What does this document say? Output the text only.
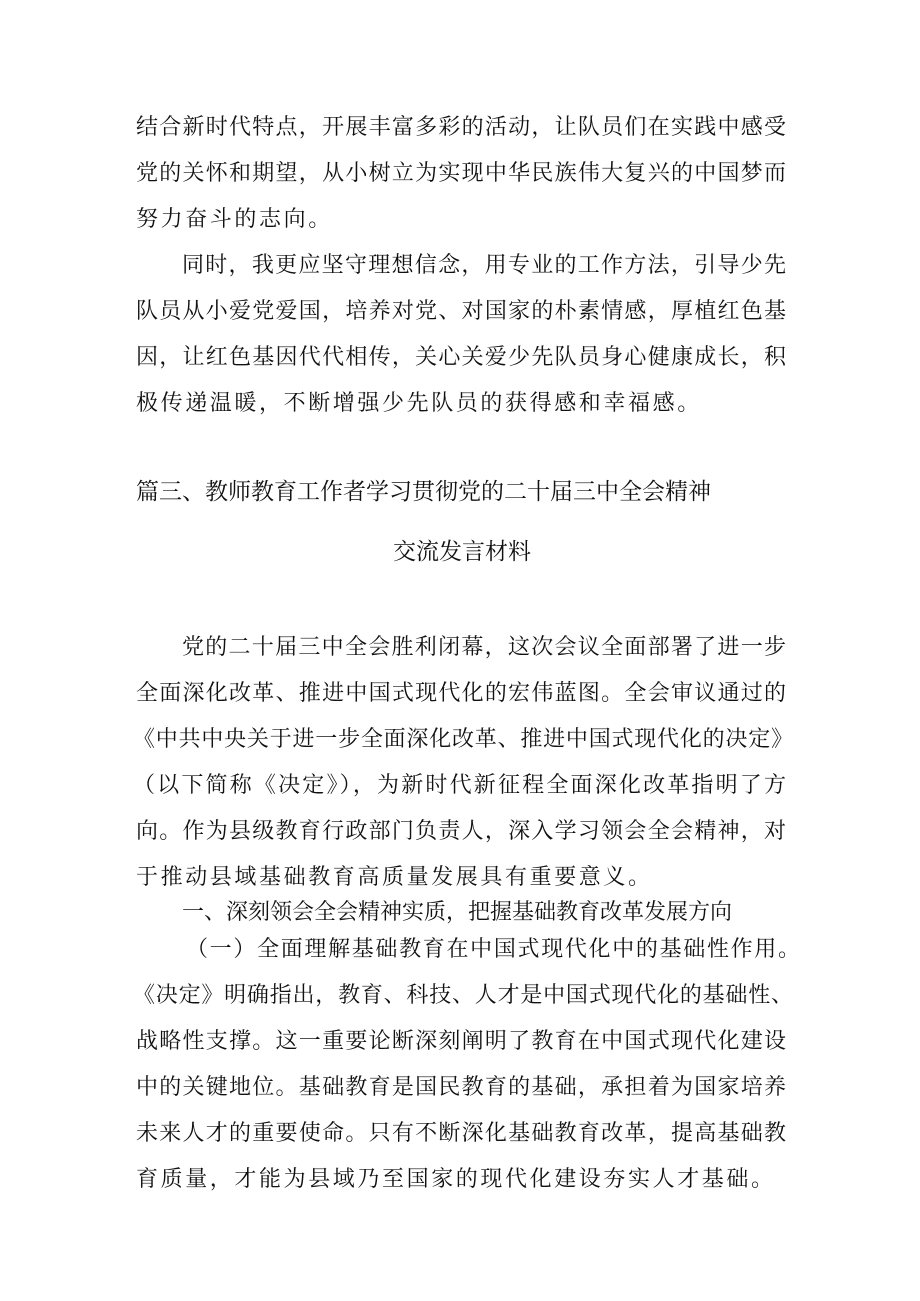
结合新时代特点，开展丰富多彩的活动，让队员们在实践中感受
党的关怀和期望，从小树立为实现中华民族伟大复兴的中国梦而
努力奋斗的志向。
同时，我更应坚守理想信念，用专业的工作方法，引导少先
队员从小爱党爱国，培养对党、对国家的朴素情感，厚植红色基
因，让红色基因代代相传，关心关爱少先队员身心健康成长，积
极传递温暖，不断增强少先队员的获得感和幸福感。
篇三、教师教育工作者学习贯彻党的二十届三中全会精神
交流发言材料
党的二十届三中全会胜利闭幕，这次会议全面部署了进一步
全面深化改革、推进中国式现代化的宏伟蓝图。全会审议通过的
《中共中央关于进一步全面深化改革、推进中国式现代化的决定》
（以下简称《决定》），为新时代新征程全面深化改革指明了方
向。作为县级教育行政部门负责人，深入学习领会全会精神，对
于推动县域基础教育高质量发展具有重要意义。
一、深刻领会全会精神实质，把握基础教育改革发展方向
（一）全面理解基础教育在中国式现代化中的基础性作用。
《决定》明确指出，教育、科技、人才是中国式现代化的基础性、
战略性支撑。这一重要论断深刻阐明了教育在中国式现代化建设
中的关键地位。基础教育是国民教育的基础，承担着为国家培养
未来人才的重要使命。只有不断深化基础教育改革，提高基础教
育质量，才能为县域乃至国家的现代化建设夯实人才基础。
